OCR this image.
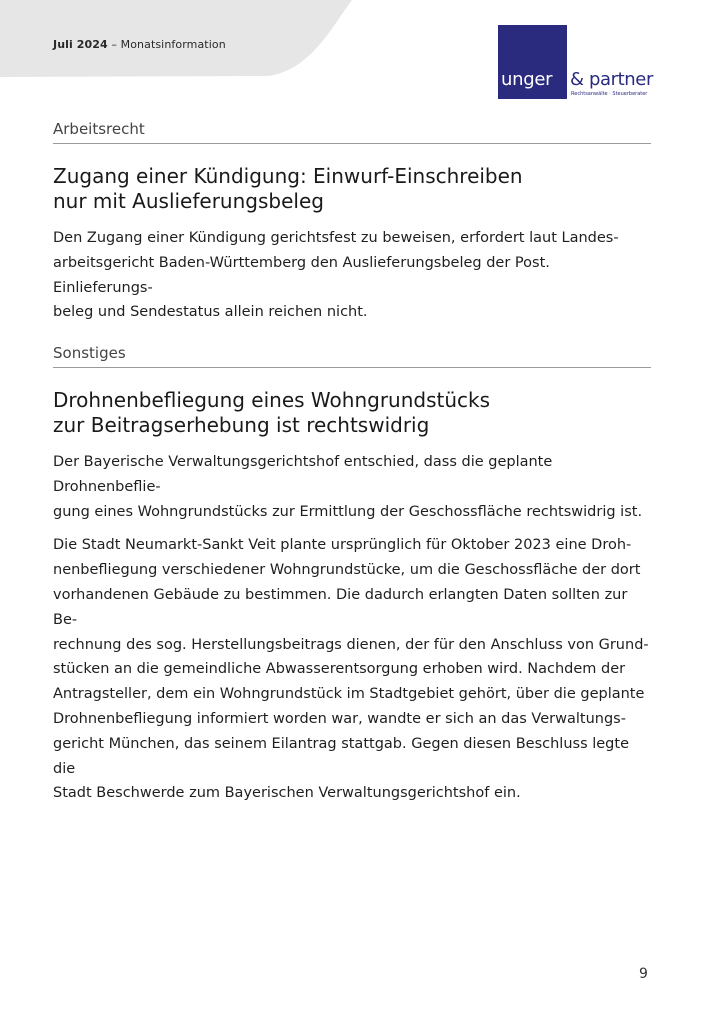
Juli 2024 – Monatsinformation
unger & partner
Rechtsanwälte · Steuerberater
Arbeitsrecht
Zugang einer Kündigung: Einwurf-Einschreiben
nur mit Auslieferungsbeleg
Den Zugang einer Kündigung gerichtsfest zu beweisen, erfordert laut Landes-
arbeitsgericht Baden-Württemberg den Auslieferungsbeleg der Post. Einlieferungs-
beleg und Sendestatus allein reichen nicht.
Sonstiges
Drohnenbefliegung eines Wohngrundstücks
zur Beitragserhebung ist rechtswidrig
Der Bayerische Verwaltungsgerichtshof entschied, dass die geplante Drohnenbeflie-
gung eines Wohngrundstücks zur Ermittlung der Geschossfläche rechtswidrig ist.
Die Stadt Neumarkt-Sankt Veit plante ursprünglich für Oktober 2023 eine Droh-
nenbefliegung verschiedener Wohngrundstücke, um die Geschossfläche der dort
vorhandenen Gebäude zu bestimmen. Die dadurch erlangten Daten sollten zur Be-
rechnung des sog. Herstellungsbeitrags dienen, der für den Anschluss von Grund-
stücken an die gemeindliche Abwasserentsorgung erhoben wird. Nachdem der
Antragsteller, dem ein Wohngrundstück im Stadtgebiet gehört, über die geplante
Drohnenbefliegung informiert worden war, wandte er sich an das Verwaltungs-
gericht München, das seinem Eilantrag stattgab. Gegen diesen Beschluss legte die
Stadt Beschwerde zum Bayerischen Verwaltungsgerichtshof ein.
9
